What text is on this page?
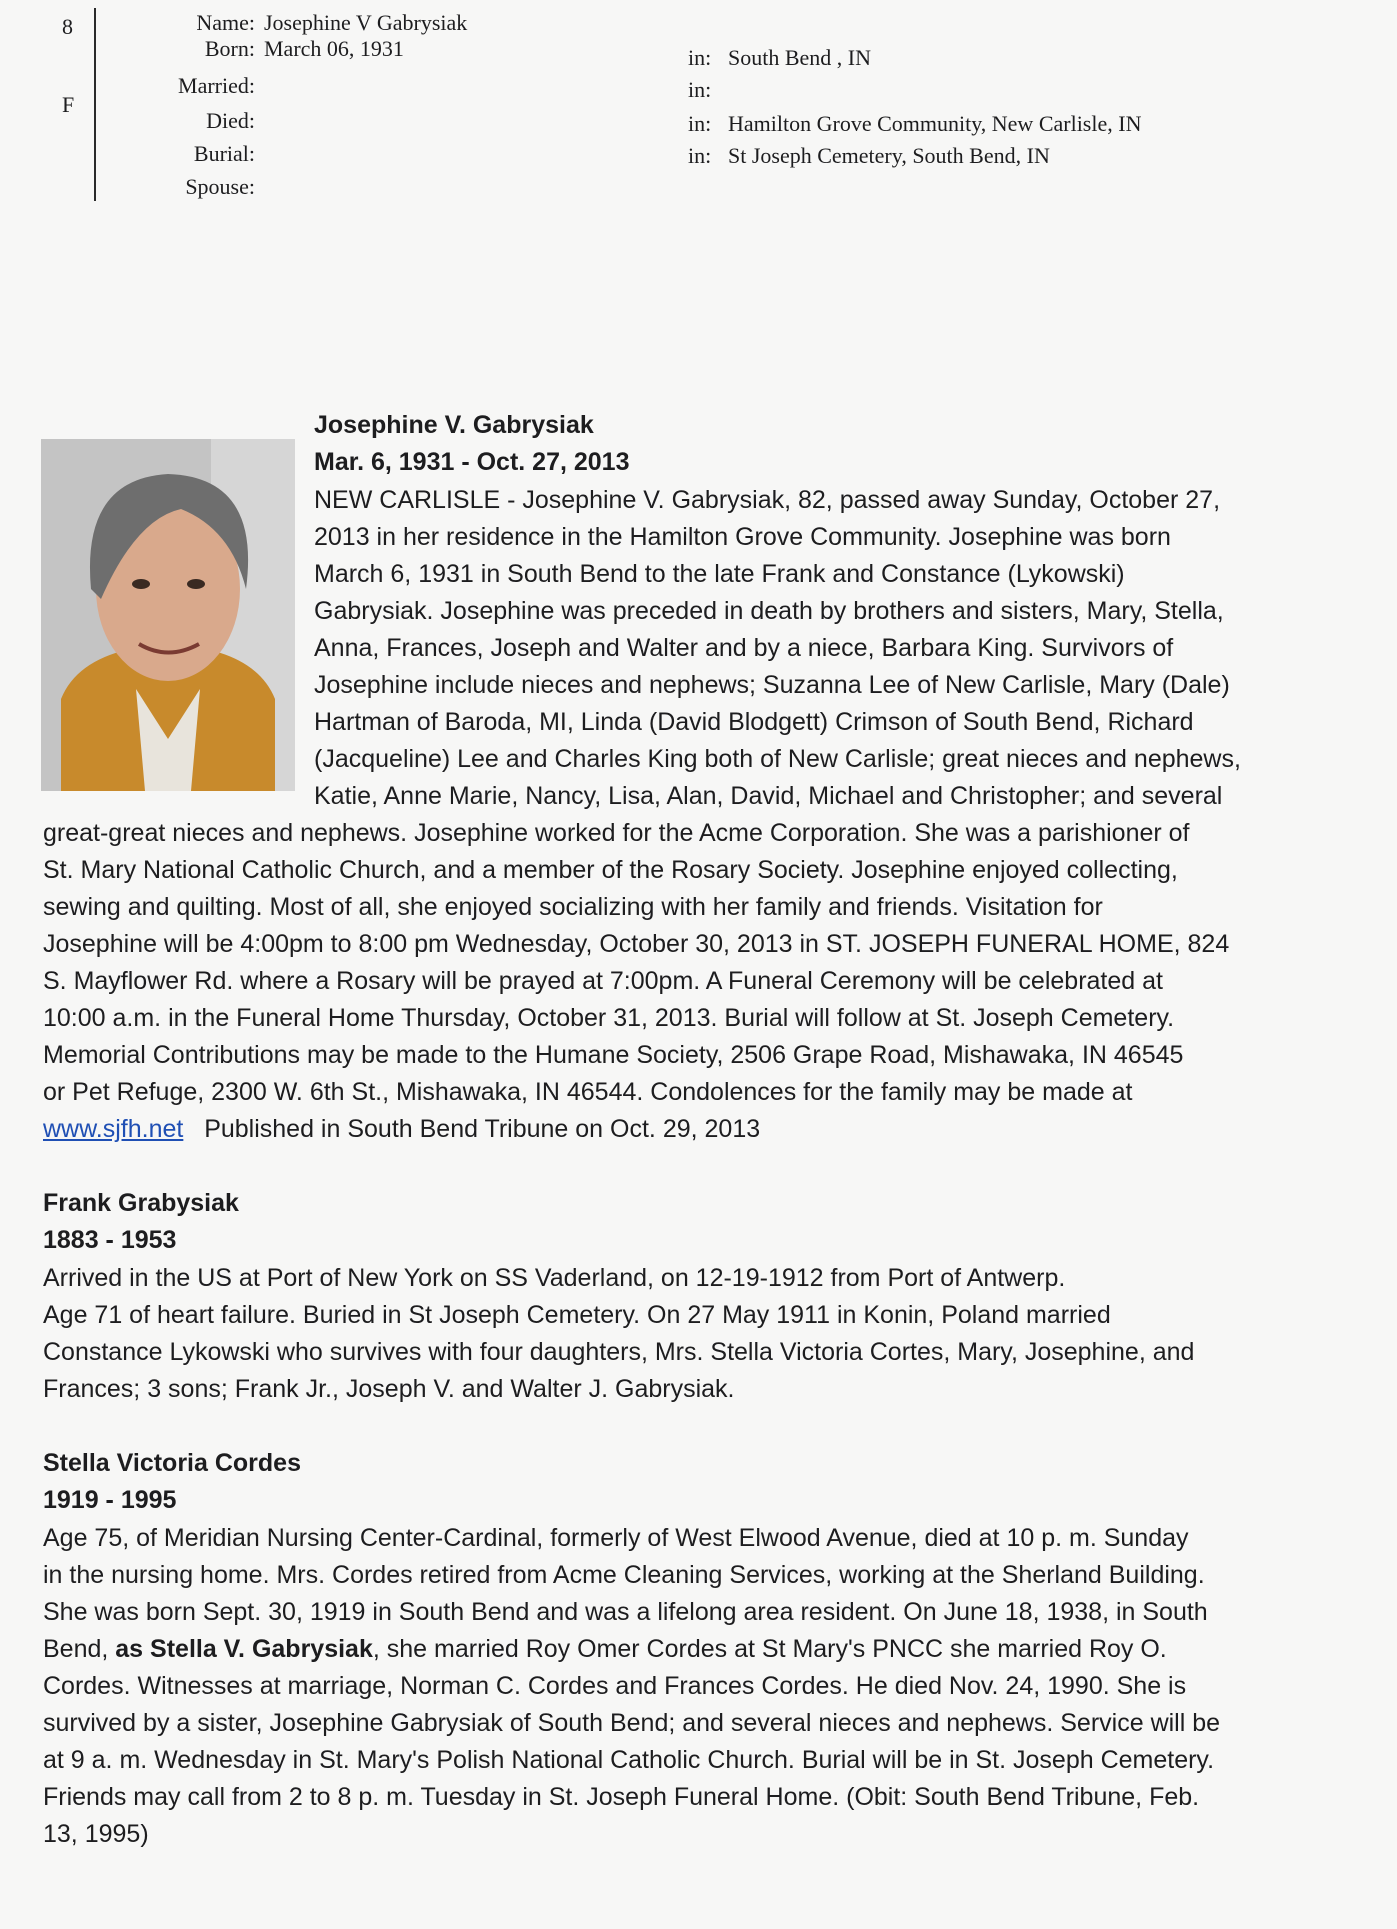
8
F
Name: Josephine V Gabrysiak
Born: March 06, 1931	in: South Bend , IN
Married:	in:
Died:	in: Hamilton Grove Community, New Carlisle, IN
Burial:	in: St Joseph Cemetery, South Bend, IN
Spouse:
Josephine V. Gabrysiak
Mar. 6, 1931 - Oct. 27, 2013
NEW CARLISLE - Josephine V. Gabrysiak, 82, passed away Sunday, October 27,
2013 in her residence in the Hamilton Grove Community. Josephine was born
March 6, 1931 in South Bend to the late Frank and Constance (Lykowski)
Gabrysiak. Josephine was preceded in death by brothers and sisters, Mary, Stella,
Anna, Frances, Joseph and Walter and by a niece, Barbara King. Survivors of
Josephine include nieces and nephews; Suzanna Lee of New Carlisle, Mary (Dale)
Hartman of Baroda, MI, Linda (David Blodgett) Crimson of South Bend, Richard
(Jacqueline) Lee and Charles King both of New Carlisle; great nieces and nephews,
Katie, Anne Marie, Nancy, Lisa, Alan, David, Michael and Christopher; and several
great-great nieces and nephews. Josephine worked for the Acme Corporation. She was a parishioner of
St. Mary National Catholic Church, and a member of the Rosary Society. Josephine enjoyed collecting,
sewing and quilting. Most of all, she enjoyed socializing with her family and friends. Visitation for
Josephine will be 4:00pm to 8:00 pm Wednesday, October 30, 2013 in ST. JOSEPH FUNERAL HOME, 824
S. Mayflower Rd. where a Rosary will be prayed at 7:00pm. A Funeral Ceremony will be celebrated at
10:00 a.m. in the Funeral Home Thursday, October 31, 2013. Burial will follow at St. Joseph Cemetery.
Memorial Contributions may be made to the Humane Society, 2506 Grape Road, Mishawaka, IN 46545
or Pet Refuge, 2300 W. 6th St., Mishawaka, IN 46544. Condolences for the family may be made at
www.sjfh.net Published in South Bend Tribune on Oct. 29, 2013
Frank Grabysiak
1883 - 1953
Arrived in the US at Port of New York on SS Vaderland, on 12-19-1912 from Port of Antwerp.
Age 71 of heart failure. Buried in St Joseph Cemetery. On 27 May 1911 in Konin, Poland married
Constance Lykowski who survives with four daughters, Mrs. Stella Victoria Cortes, Mary, Josephine, and
Frances; 3 sons; Frank Jr., Joseph V. and Walter J. Gabrysiak.
Stella Victoria Cordes
1919 - 1995
Age 75, of Meridian Nursing Center-Cardinal, formerly of West Elwood Avenue, died at 10 p. m. Sunday
in the nursing home. Mrs. Cordes retired from Acme Cleaning Services, working at the Sherland Building.
She was born Sept. 30, 1919 in South Bend and was a lifelong area resident. On June 18, 1938, in South
Bend, as Stella V. Gabrysiak, she married Roy Omer Cordes at St Mary's PNCC she married Roy O.
Cordes. Witnesses at marriage, Norman C. Cordes and Frances Cordes. He died Nov. 24, 1990. She is
survived by a sister, Josephine Gabrysiak of South Bend; and several nieces and nephews. Service will be
at 9 a. m. Wednesday in St. Mary's Polish National Catholic Church. Burial will be in St. Joseph Cemetery.
Friends may call from 2 to 8 p. m. Tuesday in St. Joseph Funeral Home. (Obit: South Bend Tribune, Feb.
13, 1995)
